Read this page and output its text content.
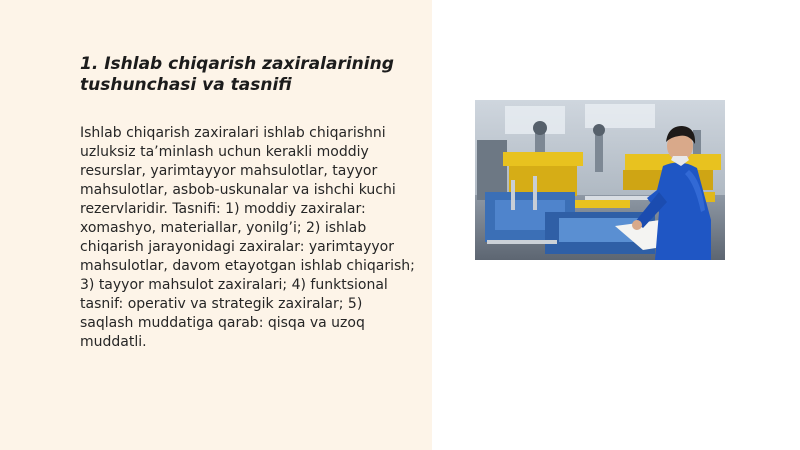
1. Ishlab chiqarish zaxiralarining tushunchasi va tasnifi

Ishlab chiqarish zaxiralari ishlab chiqarishni uzluksiz ta’minlash uchun kerakli moddiy resurslar, yarimtayyor mahsulotlar, tayyor mahsulotlar, asbob-uskunalar va ishchi kuchi rezervlaridir. Tasnifi: 1) moddiy zaxiralar: xomashyo, materiallar, yonilg’i; 2) ishlab chiqarish jarayonidagi zaxiralar: yarimtayyor mahsulotlar, davom etayotgan ishlab chiqarish; 3) tayyor mahsulot zaxiralari; 4) funktsional tasnif: operativ va strategik zaxiralar; 5) saqlash muddatiga qarab: qisqa va uzoq muddatli.
